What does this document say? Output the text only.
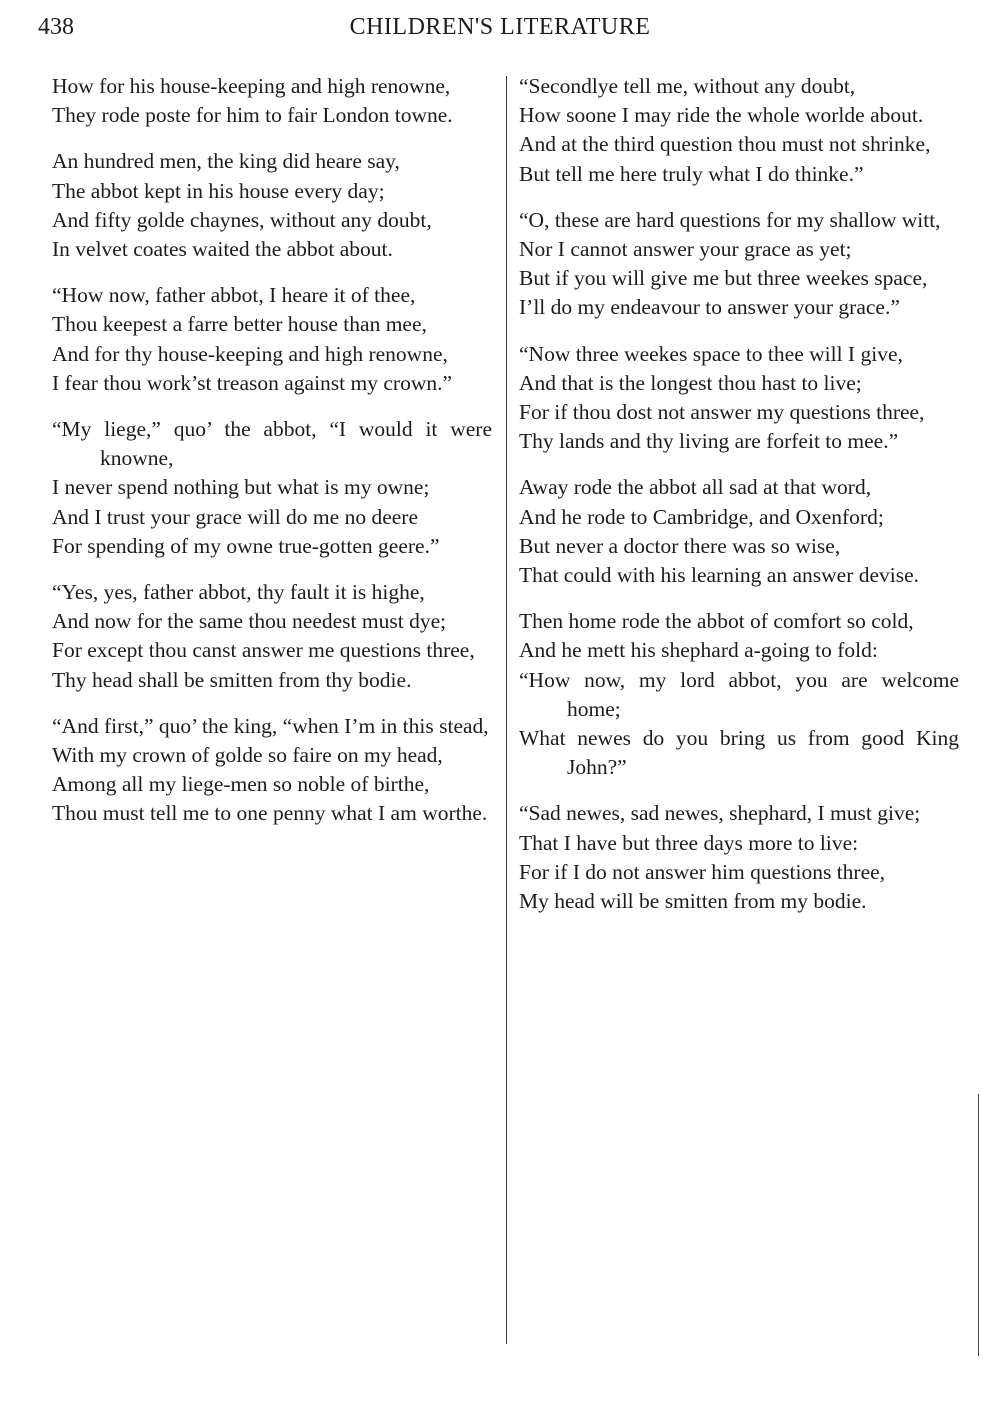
438	CHILDREN'S LITERATURE
How for his house-keeping and high renowne,
They rode poste for him to fair London towne.
An hundred men, the king did heare say,
The abbot kept in his house every day;
And fifty golde chaynes, without any doubt,
In velvet coates waited the abbot about.
“How now, father abbot, I heare it of thee,
Thou keepest a farre better house than mee,
And for thy house-keeping and high renowne,
I fear thou work’st treason against my crown.”
“My liege,” quo’ the abbot, “I would it were knowne,
I never spend nothing but what is my owne;
And I trust your grace will do me no deere
For spending of my owne true-gotten geere.”
“Yes, yes, father abbot, thy fault it is highe,
And now for the same thou needest must dye;
For except thou canst answer me questions three,
Thy head shall be smitten from thy bodie.
“And first,” quo’ the king, “when I’m in this stead,
With my crown of golde so faire on my head,
Among all my liege-men so noble of birthe,
Thou must tell me to one penny what I am worthe.
“Secondlye tell me, without any doubt,
How soone I may ride the whole worlde about.
And at the third question thou must not shrinke,
But tell me here truly what I do thinke.”
“O, these are hard questions for my shallow witt,
Nor I cannot answer your grace as yet;
But if you will give me but three weekes space,
I’ll do my endeavour to answer your grace.”
“Now three weekes space to thee will I give,
And that is the longest thou hast to live;
For if thou dost not answer my questions three,
Thy lands and thy living are forfeit to mee.”
Away rode the abbot all sad at that word,
And he rode to Cambridge, and Oxenford;
But never a doctor there was so wise,
That could with his learning an answer devise.
Then home rode the abbot of comfort so cold,
And he mett his shephard a-going to fold:
“How now, my lord abbot, you are welcome home;
What newes do you bring us from good King John?”
“Sad newes, sad newes, shephard, I must give;
That I have but three days more to live:
For if I do not answer him questions three,
My head will be smitten from my bodie.
